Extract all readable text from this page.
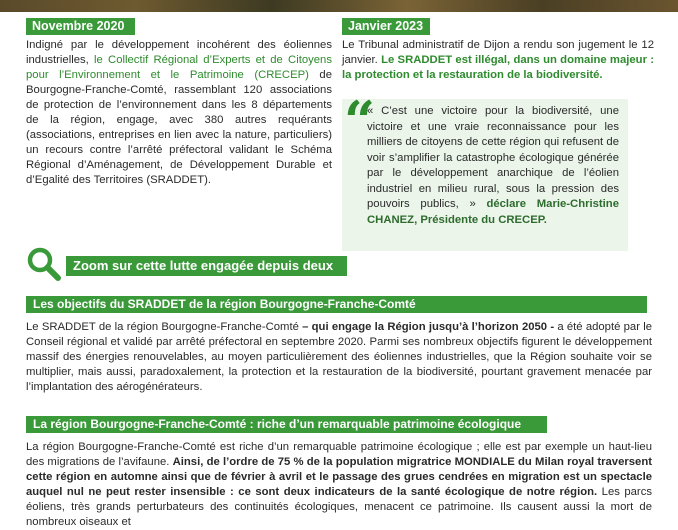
Novembre 2020
Indigné par le développement incohérent des éoliennes industrielles, le Collectif Régional d’Experts et de Citoyens pour l’Environnement et le Patrimoine (CRECEP) de Bourgogne-Franche-Comté, rassemblant 120 associations de protection de l’environnement dans les 8 départements de la région, engage, avec 380 autres requérants (associations, entreprises en lien avec la nature, particuliers) un recours contre l’arrêté préfectoral validant le Schéma Régional d’Aménagement, de Développement Durable et d’Egalité des Territoires (SRADDET).
Janvier 2023
Le Tribunal administratif de Dijon a rendu son jugement le 12 janvier. Le SRADDET est illégal, dans un domaine majeur : la protection et la restauration de la biodiversité.
“
« C’est une victoire pour la biodiversité, une victoire et une vraie reconnaissance pour les milliers de citoyens de cette région qui refusent de voir s’amplifier la catastrophe écologique générée par le développement anarchique de l’éolien industriel en milieu rural, sous la pression des pouvoirs publics, » déclare Marie-Christine CHANEZ, Présidente du CRECEP.
Zoom sur cette lutte engagée depuis deux ans
Les objectifs du SRADDET de la région Bourgogne-Franche-Comté
Le SRADDET de la région Bourgogne-Franche-Comté – qui engage la Région jusqu’à l’horizon 2050 - a été adopté par le Conseil régional et validé par arrêté préfectoral en septembre 2020. Parmi ses nombreux objectifs figurent le développement massif des énergies renouvelables, au moyen particulièrement des éoliennes industrielles, que la Région souhaite voir se multiplier, mais aussi, paradoxalement, la protection et la restauration de la biodiversité, pourtant gravement menacée par l’implantation des aérogénérateurs.
La région Bourgogne-Franche-Comté : riche d’un remarquable patrimoine écologique
La région Bourgogne-Franche-Comté est riche d’un remarquable patrimoine écologique ; elle est par exemple un haut-lieu des migrations de l’avifaune. Ainsi, de l’ordre de 75 % de la population migratrice MONDIALE du Milan royal traversent cette région en automne ainsi que de février à avril et le passage des grues cendrées en migration est un spectacle auquel nul ne peut rester insensible : ce sont deux indicateurs de la santé écologique de notre région. Les parcs éoliens, très grands perturbateurs des continuités écologiques, menacent ce patrimoine. Ils causent aussi la mort de nombreux oiseaux et
